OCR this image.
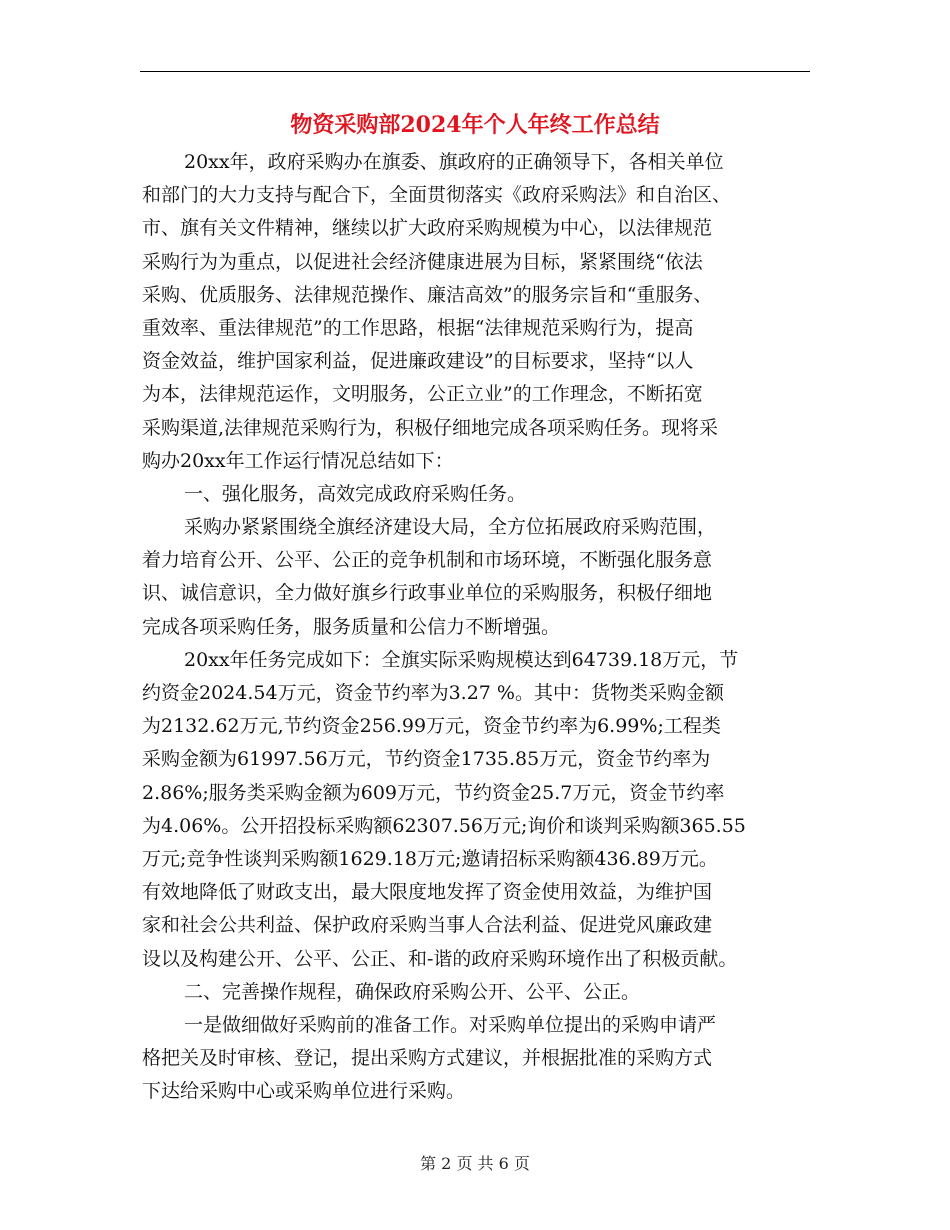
物资采购部2024年个人年终工作总结
20xx年，政府采购办在旗委、旗政府的正确领导下，各相关单位
和部门的大力支持与配合下，全面贯彻落实《政府采购法》和自治区、
市、旗有关文件精神，继续以扩大政府采购规模为中心，以法律规范
采购行为为重点，以促进社会经济健康进展为目标，紧紧围绕“依法
采购、优质服务、法律规范操作、廉洁高效”的服务宗旨和“重服务、
重效率、重法律规范”的工作思路，根据“法律规范采购行为，提高
资金效益，维护国家利益，促进廉政建设”的目标要求，坚持“以人
为本，法律规范运作，文明服务，公正立业”的工作理念，不断拓宽
采购渠道,法律规范采购行为，积极仔细地完成各项采购任务。现将采
购办20xx年工作运行情况总结如下：
一、强化服务，高效完成政府采购任务。
采购办紧紧围绕全旗经济建设大局，全方位拓展政府采购范围，
着力培育公开、公平、公正的竞争机制和市场环境，不断强化服务意
识、诚信意识，全力做好旗乡行政事业单位的采购服务，积极仔细地
完成各项采购任务，服务质量和公信力不断增强。
20xx年任务完成如下：全旗实际采购规模达到64739.18万元，节
约资金2024.54万元，资金节约率为3.27 %。其中：货物类采购金额
为2132.62万元,节约资金256.99万元，资金节约率为6.99%;工程类
采购金额为61997.56万元，节约资金1735.85万元，资金节约率为
2.86%;服务类采购金额为609万元，节约资金25.7万元，资金节约率
为4.06%。公开招投标采购额62307.56万元;询价和谈判采购额365.55
万元;竞争性谈判采购额1629.18万元;邀请招标采购额436.89万元。
有效地降低了财政支出，最大限度地发挥了资金使用效益，为维护国
家和社会公共利益、保护政府采购当事人合法利益、促进党风廉政建
设以及构建公开、公平、公正、和-谐的政府采购环境作出了积极贡献。
二、完善操作规程，确保政府采购公开、公平、公正。
一是做细做好采购前的准备工作。对采购单位提出的采购申请严
格把关及时审核、登记，提出采购方式建议，并根据批准的采购方式
下达给采购中心或采购单位进行采购。
第 2 页 共 6 页
